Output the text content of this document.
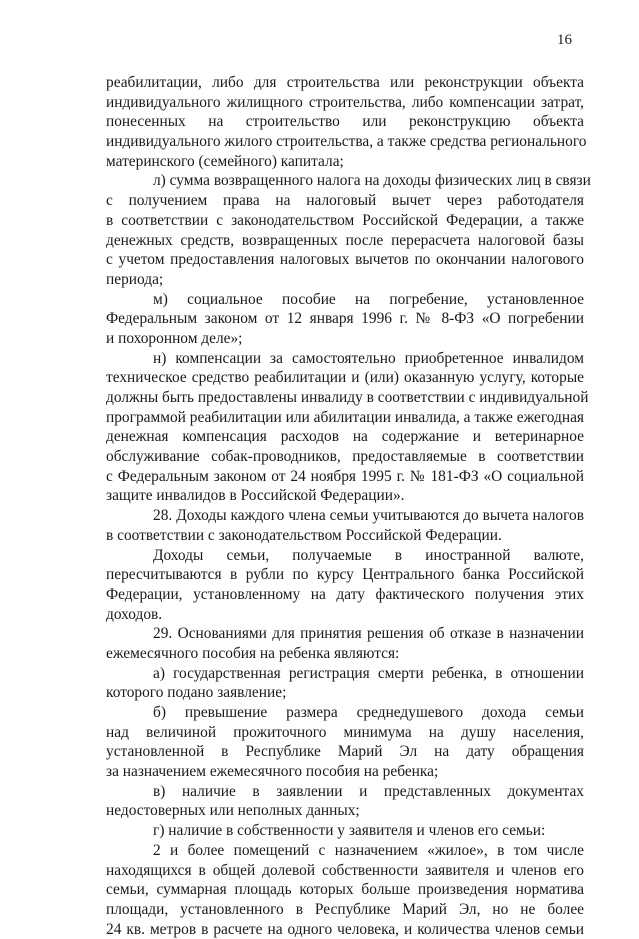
16
реабилитации, либо для строительства или реконструкции объекта
индивидуального жилищного строительства, либо компенсации затрат,
понесенных на строительство или реконструкцию объекта
индивидуального жилого строительства, а также средства регионального
материнского (семейного) капитала;
л) сумма возвращенного налога на доходы физических лиц в связи
с получением права на налоговый вычет через работодателя
в соответствии с законодательством Российской Федерации, а также
денежных средств, возвращенных после перерасчета налоговой базы
с учетом предоставления налоговых вычетов по окончании налогового
периода;
м) социальное пособие на погребение, установленное
Федеральным законом от 12 января 1996 г. № 8-ФЗ «О погребении
и похоронном деле»;
н) компенсации за самостоятельно приобретенное инвалидом
техническое средство реабилитации и (или) оказанную услугу, которые
должны быть предоставлены инвалиду в соответствии с индивидуальной
программой реабилитации или абилитации инвалида, а также ежегодная
денежная компенсация расходов на содержание и ветеринарное
обслуживание собак-проводников, предоставляемые в соответствии
с Федеральным законом от 24 ноября 1995 г. № 181-ФЗ «О социальной
защите инвалидов в Российской Федерации».
28. Доходы каждого члена семьи учитываются до вычета налогов
в соответствии с законодательством Российской Федерации.
Доходы семьи, получаемые в иностранной валюте,
пересчитываются в рубли по курсу Центрального банка Российской
Федерации, установленному на дату фактического получения этих
доходов.
29. Основаниями для принятия решения об отказе в назначении
ежемесячного пособия на ребенка являются:
а) государственная регистрация смерти ребенка, в отношении
которого подано заявление;
б) превышение размера среднедушевого дохода семьи
над величиной прожиточного минимума на душу населения,
установленной в Республике Марий Эл на дату обращения
за назначением ежемесячного пособия на ребенка;
в) наличие в заявлении и представленных документах
недостоверных или неполных данных;
г) наличие в собственности у заявителя и членов его семьи:
2 и более помещений с назначением «жилое», в том числе
находящихся в общей долевой собственности заявителя и членов его
семьи, суммарная площадь которых больше произведения норматива
площади, установленного в Республике Марий Эл, но не более
24 кв. метров в расчете на одного человека, и количества членов семьи
